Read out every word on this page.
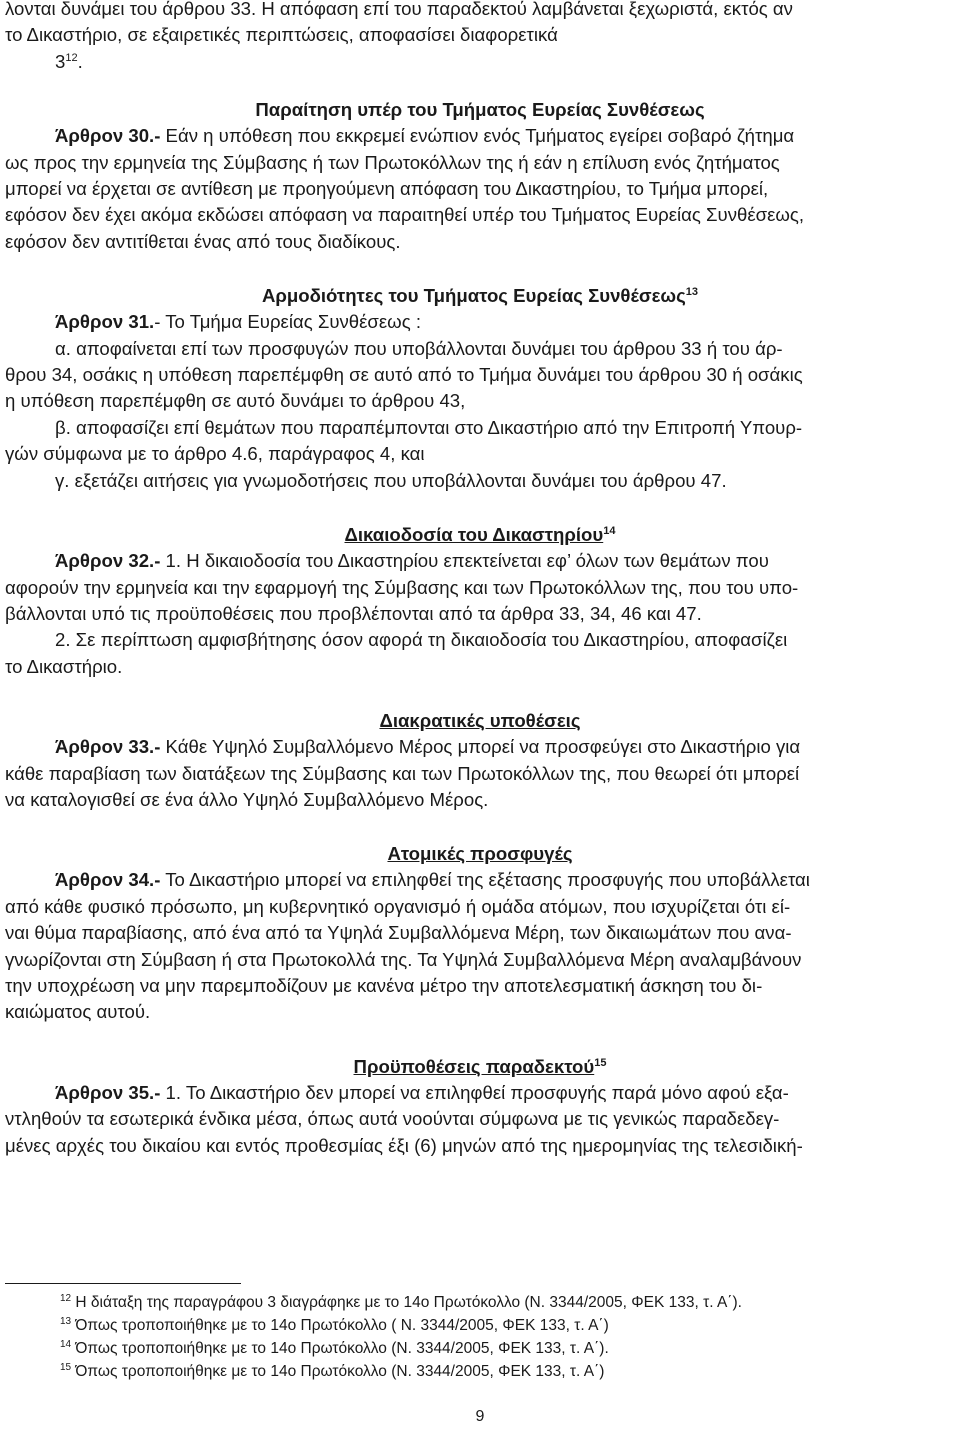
λονται δυνάμει του άρθρου 33. Η απόφαση επί του παραδεκτού λαμβάνεται ξεχωριστά, εκτός αν
το Δικαστήριο, σε εξαιρετικές περιπτώσεις, αποφασίσει διαφορετικά
$3^{12}$.

Παραίτηση υπέρ του Τμήματος Ευρείας Συνθέσεως

Άρθρον 30.- Εάν η υπόθεση που εκκρεμεί ενώπιον ενός Τμήματος εγείρει σοβαρό ζήτημα
ως προς την ερμηνεία της Σύμβασης ή των Πρωτοκόλλων της ή εάν η επίλυση ενός ζητήματος
μπορεί να έρχεται σε αντίθεση με προηγούμενη απόφαση του Δικαστηρίου, το Τμήμα μπορεί,
εφόσον δεν έχει ακόμα εκδώσει απόφαση να παραιτηθεί υπέρ του Τμήματος Ευρείας Συνθέσεως,
εφόσον δεν αντιτίθεται ένας από τους διαδίκους.

Αρμοδιότητες του Τμήματος Ευρείας Συνθέσεως$^{13}$

Άρθρον 31.- Το Τμήμα Ευρείας Συνθέσεως :
α. αποφαίνεται επί των προσφυγών που υποβάλλονται δυνάμει του άρθρου 33 ή του άρ-
θρου 34, οσάκις η υπόθεση παρεπέμφθη σε αυτό από το Τμήμα δυνάμει του άρθρου 30 ή οσάκις
η υπόθεση παρεπέμφθη σε αυτό δυνάμει το άρθρου 43,
β. αποφασίζει επί θεμάτων που παραπέμπονται στο Δικαστήριο από την Επιτροπή Υπουρ-
γών σύμφωνα με το άρθρο 4.6, παράγραφος 4, και
γ. εξετάζει αιτήσεις για γνωμοδοτήσεις που υποβάλλονται δυνάμει του άρθρου 47.

Δικαιοδοσία του Δικαστηρίου$^{14}$

Άρθρον 32.- 1. Η δικαιοδοσία του Δικαστηρίου επεκτείνεται εφ’ όλων των θεμάτων που
αφορούν την ερμηνεία και την εφαρμογή της Σύμβασης και των Πρωτοκόλλων της, που του υπο-
βάλλονται υπό τις προϋποθέσεις που προβλέπονται από τα άρθρα 33, 34, 46 και 47.
2. Σε περίπτωση αμφισβήτησης όσον αφορά τη δικαιοδοσία του Δικαστηρίου, αποφασίζει
το Δικαστήριο.

Διακρατικές υποθέσεις

Άρθρον 33.- Κάθε Υψηλό Συμβαλλόμενο Μέρος μπορεί να προσφεύγει στο Δικαστήριο για
κάθε παραβίαση των διατάξεων της Σύμβασης και των Πρωτοκόλλων της, που θεωρεί ότι μπορεί
να καταλογισθεί σε ένα άλλο Υψηλό Συμβαλλόμενο Μέρος.

Ατομικές προσφυγές

Άρθρον 34.- Το Δικαστήριο μπορεί να επιληφθεί της εξέτασης προσφυγής που υποβάλλεται
από κάθε φυσικό πρόσωπο, μη κυβερνητικό οργανισμό ή ομάδα ατόμων, που ισχυρίζεται ότι εί-
ναι θύμα παραβίασης, από ένα από τα Υψηλά Συμβαλλόμενα Μέρη, των δικαιωμάτων που ανα-
γνωρίζονται στη Σύμβαση ή στα Πρωτοκολλά της. Τα Υψηλά Συμβαλλόμενα Μέρη αναλαμβάνουν
την υποχρέωση να μην παρεμποδίζουν με κανένα μέτρο την αποτελεσματική άσκηση του δι-
καιώματος αυτού.

Προϋποθέσεις παραδεκτού$^{15}$

Άρθρον 35.- 1. Το Δικαστήριο δεν μπορεί να επιληφθεί προσφυγής παρά μόνο αφού εξα-
ντληθούν τα εσωτερικά ένδικα μέσα, όπως αυτά νοούνται σύμφωνα με τις γενικώς παραδεδεγ-
μένες αρχές του δικαίου και εντός προθεσμίας έξι (6) μηνών από της ημερομηνίας της τελεσιδική-

$^{12}$ Η διάταξη της παραγράφου 3 διαγράφηκε με το 14ο Πρωτόκολλο (Ν. 3344/2005, ΦΕΚ 133, τ. Α΄).
$^{13}$ Όπως τροποποιήθηκε με το 14ο Πρωτόκολλο ( Ν. 3344/2005, ΦΕΚ 133, τ. Α΄)
$^{14}$ Όπως τροποποιήθηκε με το 14ο Πρωτόκολλο (Ν. 3344/2005, ΦΕΚ 133, τ. Α΄).
$^{15}$ Όπως τροποποιήθηκε με το 14ο Πρωτόκολλο (Ν. 3344/2005, ΦΕΚ 133, τ. Α΄)
9
